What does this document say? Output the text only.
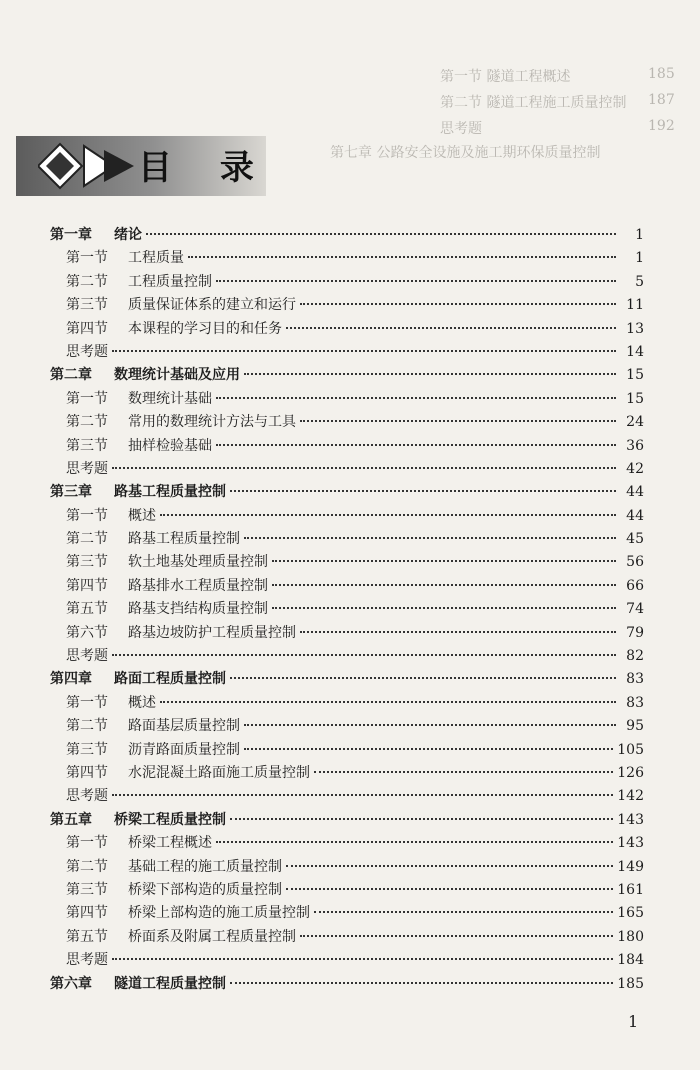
第一节 隧道工程概述	185
第二节 隧道工程施工质量控制 187
思考题	192
第七章 公路安全设施及施工期环保质量控制
目 录
第一章	绪论	1
第一节	工程质量	1
第二节	工程质量控制	5
第三节	质量保证体系的建立和运行	11
第四节	本课程的学习目的和任务	13
思考题	14
第二章	数理统计基础及应用	15
第一节	数理统计基础	15
第二节	常用的数理统计方法与工具	24
第三节	抽样检验基础	36
思考题	42
第三章	路基工程质量控制	44
第一节	概述	44
第二节	路基工程质量控制	45
第三节	软土地基处理质量控制	56
第四节	路基排水工程质量控制	66
第五节	路基支挡结构质量控制	74
第六节	路基边坡防护工程质量控制	79
思考题	82
第四章	路面工程质量控制	83
第一节	概述	83
第二节	路面基层质量控制	95
第三节	沥青路面质量控制	105
第四节	水泥混凝土路面施工质量控制	126
思考题	142
第五章	桥梁工程质量控制	143
第一节	桥梁工程概述	143
第二节	基础工程的施工质量控制	149
第三节	桥梁下部构造的质量控制	161
第四节	桥梁上部构造的施工质量控制	165
第五节	桥面系及附属工程质量控制	180
思考题	184
第六章	隧道工程质量控制	185
1
